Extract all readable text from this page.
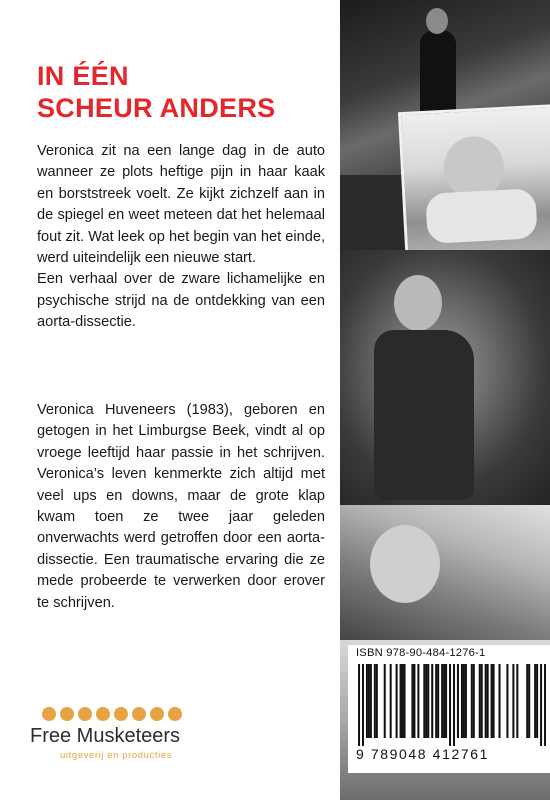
IN ÉÉN
SCHEUR ANDERS

Veronica zit na een lange dag in de auto wanneer ze plots heftige pijn in haar kaak en borststreek voelt. Ze kijkt zichzelf aan in de spiegel en weet meteen dat het helemaal fout zit. Wat leek op het begin van het einde, werd uiteindelijk een nieuwe start.

Een verhaal over de zware lichamelijke en psychische strijd na de ontdekking van een aorta-dissectie.

Veronica Huveneers (1983), geboren en getogen in het Limburgse Beek, vindt al op vroege leeftijd haar passie in het schrijven. Veronica’s leven kenmerkte zich altijd met veel ups en downs, maar de grote klap kwam toen ze twee jaar geleden onverwachts werd getroffen door een aorta-dissectie. Een traumatische ervaring die ze mede probeerde te verwerken door erover te schrijven.

Free Musketeers
uitgeverij en producties
ISBN 978-90-484-1276-1
9 789048 412761
